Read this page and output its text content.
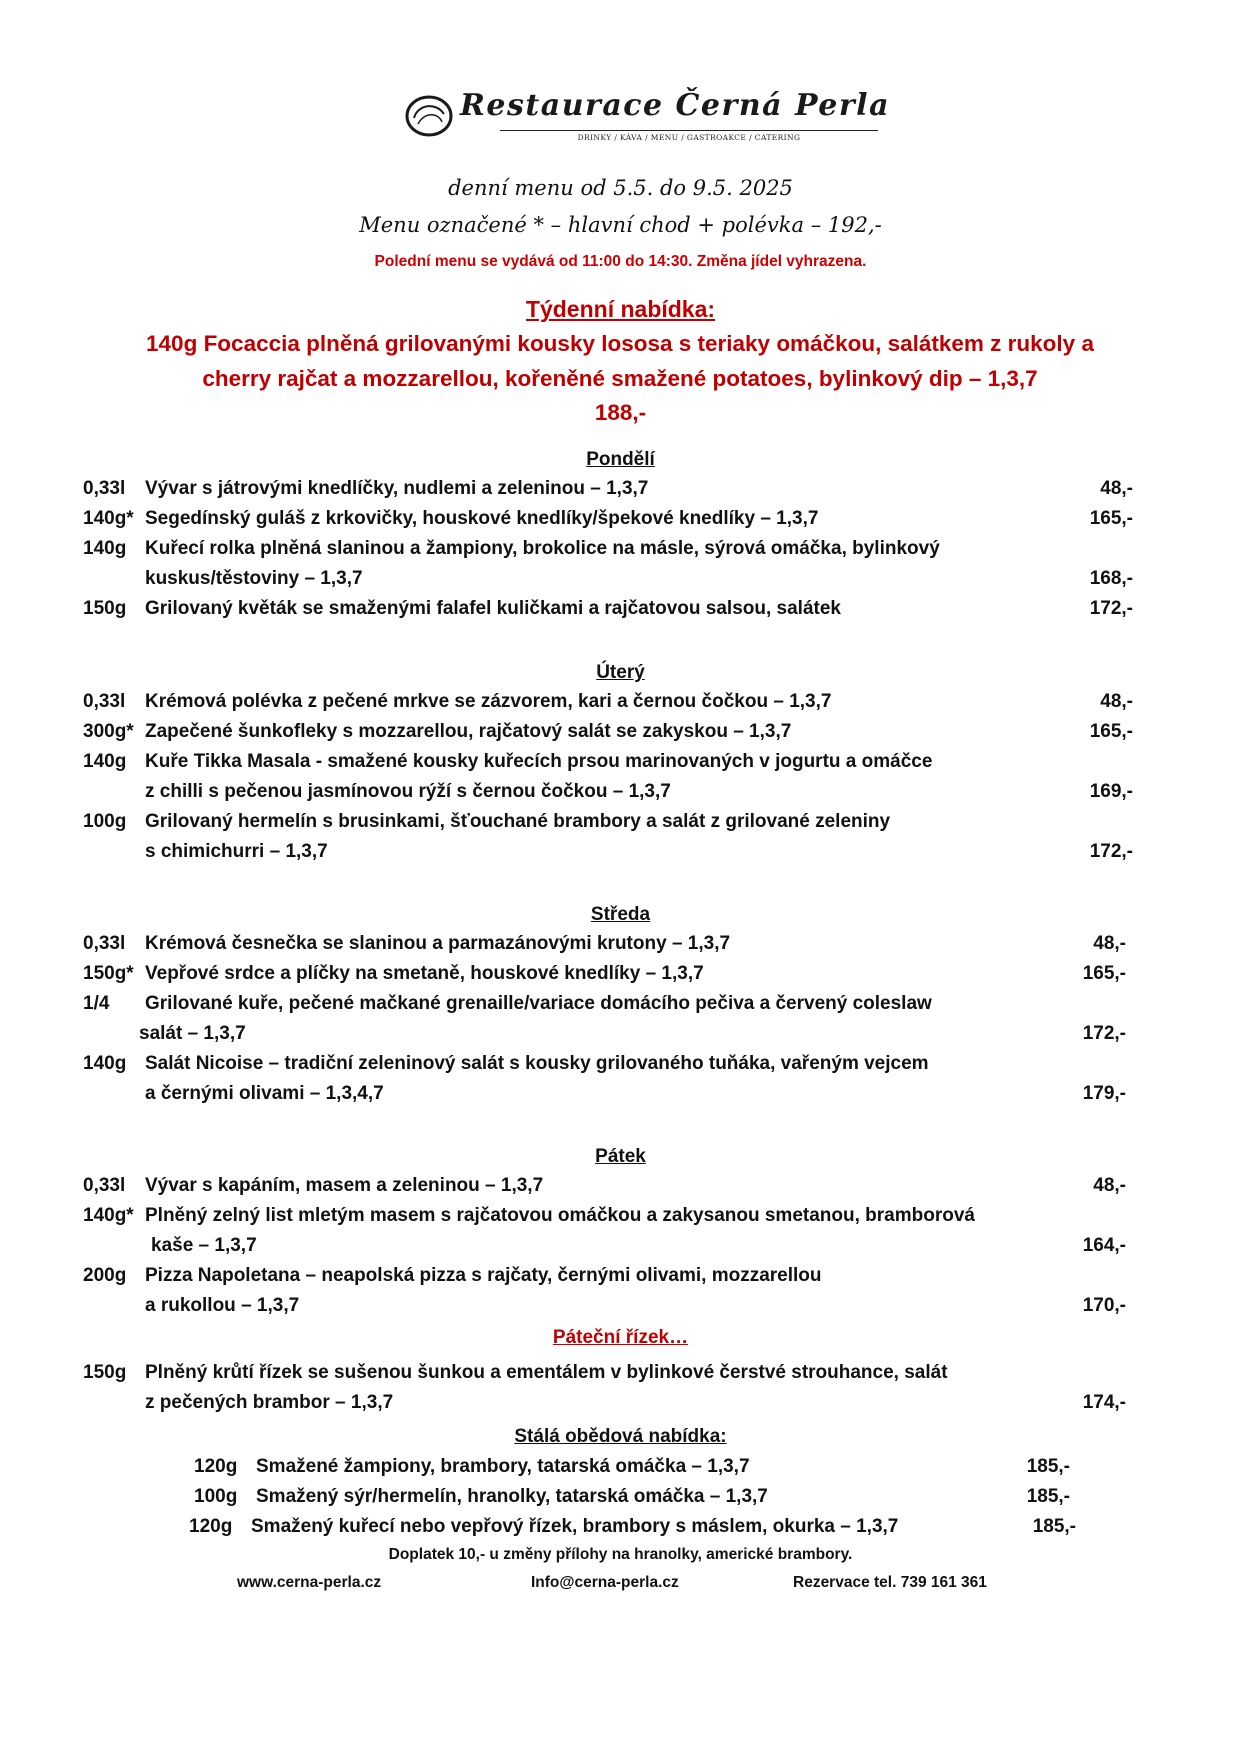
Restaurace Černá Perla
DRINKY / KÁVA / MENU / GASTROAKCE / CATERING
denní menu od 5.5. do 9.5. 2025
Menu označené * – hlavní chod + polévka – 192,-
Polední menu se vydává od 11:00 do 14:30. Změna jídel vyhrazena.
Týdenní nabídka:
140g Focaccia plněná grilovanými kousky lososa s teriaky omáčkou, salátkem z rukoly a
cherry rajčat a mozzarellou, kořeněné smažené potatoes, bylinkový dip – 1,3,7
188,-
Pondělí
0,33l Vývar s játrovými knedlíčky, nudlemi a zeleninou – 1,3,7	48,-
140g* Segedínský guláš z krkovičky, houskové knedlíky/špekové knedlíky – 1,3,7	165,-
140g Kuřecí rolka plněná slaninou a žampiony, brokolice na másle, sýrová omáčka, bylinkový
kuskus/těstoviny – 1,3,7	168,-
150g Grilovaný květák se smaženými falafel kuličkami a rajčatovou salsou, salátek	172,-
Úterý
0,33l Krémová polévka z pečené mrkve se zázvorem, kari a černou čočkou – 1,3,7	48,-
300g* Zapečené šunkofleky s mozzarellou, rajčatový salát se zakyskou – 1,3,7	165,-
140g Kuře Tikka Masala - smažené kousky kuřecích prsou marinovaných v jogurtu a omáčce
z chilli s pečenou jasmínovou rýží s černou čočkou – 1,3,7	169,-
100g Grilovaný hermelín s brusinkami, šťouchané brambory a salát z grilované zeleniny
s chimichurri – 1,3,7	172,-
Středa
0,33l Krémová česnečka se slaninou a parmazánovými krutony – 1,3,7	48,-
150g* Vepřové srdce a plíčky na smetaně, houskové knedlíky – 1,3,7	165,-
1/4 Grilované kuře, pečené mačkané grenaille/variace domácího pečiva a červený coleslaw
salát – 1,3,7	172,-
140g Salát Nicoise – tradiční zeleninový salát s kousky grilovaného tuňáka, vařeným vejcem
a černými olivami – 1,3,4,7	179,-
Pátek
0,33l Vývar s kapáním, masem a zeleninou – 1,3,7	48,-
140g* Plněný zelný list mletým masem s rajčatovou omáčkou a zakysanou smetanou, bramborová
kaše – 1,3,7	164,-
200g Pizza Napoletana – neapolská pizza s rajčaty, černými olivami, mozzarellou
a rukollou – 1,3,7	170,-
Páteční řízek…
150g Plněný krůtí řízek se sušenou šunkou a ementálem v bylinkové čerstvé strouhance, salát
z pečených brambor – 1,3,7	174,-
Stálá obědová nabídka:
120g Smažené žampiony, brambory, tatarská omáčka – 1,3,7	185,-
100g Smažený sýr/hermelín, hranolky, tatarská omáčka – 1,3,7	185,-
120g Smažený kuřecí nebo vepřový řízek, brambory s máslem, okurka – 1,3,7	185,-
Doplatek 10,- u změny přílohy na hranolky, americké brambory.
www.cerna-perla.cz	Info@cerna-perla.cz	Rezervace tel. 739 161 361
